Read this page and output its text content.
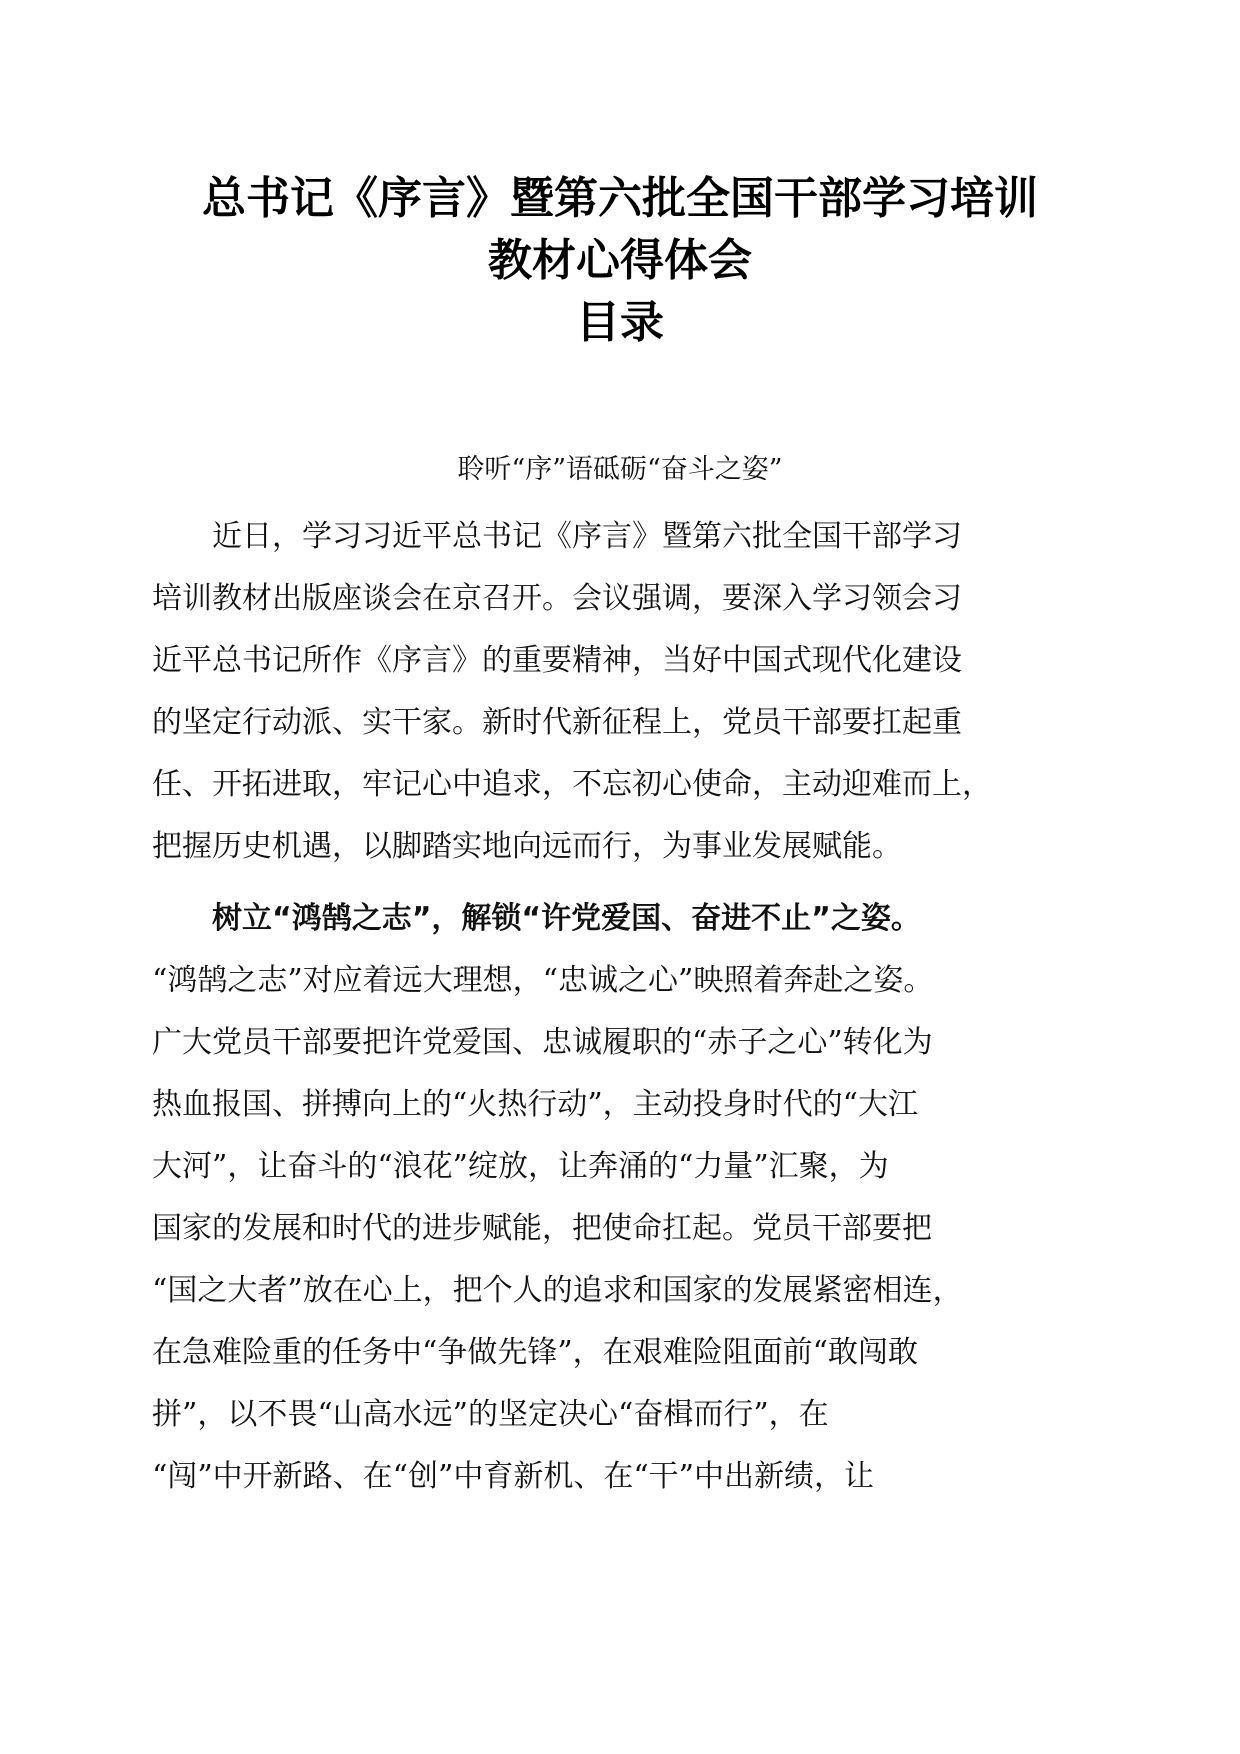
总书记《序言》暨第六批全国干部学习培训
教材心得体会
目录
聆听“序”语砥砺“奋斗之姿”
近日，学习习近平总书记《序言》暨第六批全国干部学习
培训教材出版座谈会在京召开。会议强调，要深入学习领会习
近平总书记所作《序言》的重要精神，当好中国式现代化建设
的坚定行动派、实干家。新时代新征程上，党员干部要扛起重
任、开拓进取，牢记心中追求，不忘初心使命，主动迎难而上，
把握历史机遇，以脚踏实地向远而行，为事业发展赋能。
树立“鸿鹄之志”，解锁“许党爱国、奋进不止”之姿。
“鸿鹄之志”对应着远大理想，“忠诚之心”映照着奔赴之姿。
广大党员干部要把许党爱国、忠诚履职的“赤子之心”转化为
热血报国、拼搏向上的“火热行动”，主动投身时代的“大江
大河”，让奋斗的“浪花”绽放，让奔涌的“力量”汇聚，为
国家的发展和时代的进步赋能，把使命扛起。党员干部要把
“国之大者”放在心上，把个人的追求和国家的发展紧密相连，
在急难险重的任务中“争做先锋”，在艰难险阻面前“敢闯敢
拼”，以不畏“山高水远”的坚定决心“奋楫而行”，在
“闯”中开新路、在“创”中育新机、在“干”中出新绩，让
